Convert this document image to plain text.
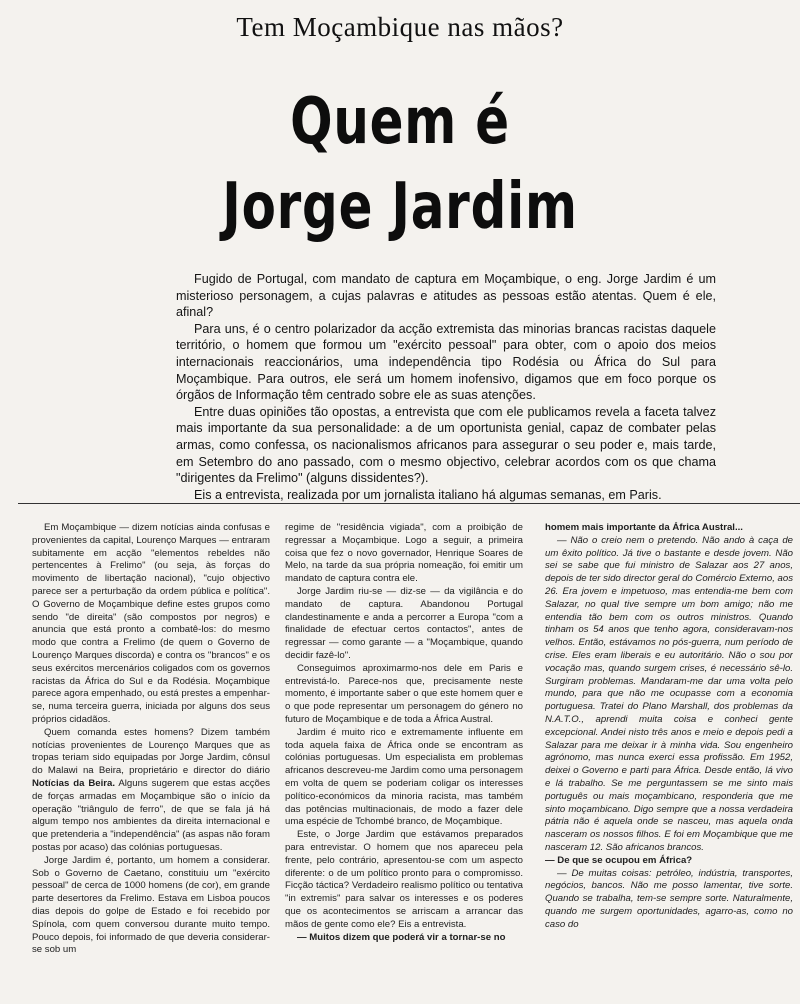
Tem Moçambique nas mãos?
Quem é
Jorge Jardim

Fugido de Portugal, com mandato de captura em Moçambique, o eng. Jorge Jardim é um misterioso personagem, a cujas palavras e atitudes as pessoas estão atentas. Quem é ele, afinal?

Para uns, é o centro polarizador da acção extremista das minorias brancas racistas daquele território, o homem que formou um "exército pessoal" para obter, com o apoio dos meios internacionais reaccionários, uma independência tipo Rodésia ou África do Sul para Moçambique. Para outros, ele será um homem inofensivo, digamos que em foco porque os órgãos de Informação têm centrado sobre ele as suas atenções.

Entre duas opiniões tão opostas, a entrevista que com ele publicamos revela a faceta talvez mais importante da sua personalidade: a de um oportunista genial, capaz de combater pelas armas, como confessa, os nacionalismos africanos para assegurar o seu poder e, mais tarde, em Setembro do ano passado, com o mesmo objectivo, celebrar acordos com os que chama "dirigentes da Frelimo" (alguns dissidentes?).

Eis a entrevista, realizada por um jornalista italiano há algumas semanas, em Paris.

Em Moçambique — dizem notícias ainda confusas e provenientes da capital, Lourenço Marques — entraram subitamente em acção "elementos rebeldes não pertencentes à Frelimo" (ou seja, às forças do movimento de libertação nacional), "cujo objectivo parece ser a perturbação da ordem pública e política". O Governo de Moçambique define estes grupos como sendo "de direita" (são compostos por negros) e anuncia que está pronto a combatê-los: do mesmo modo que contra a Frelimo (de quem o Governo de Lourenço Marques discorda) e contra os "brancos" e os seus exércitos mercenários coligados com os governos racistas da África do Sul e da Rodésia. Moçambique parece agora empenhado, ou está prestes a empenhar-se, numa terceira guerra, iniciada por alguns dos seus próprios cidadãos.

Quem comanda estes homens? Dizem também notícias provenientes de Lourenço Marques que as tropas teriam sido equipadas por Jorge Jardim, cônsul do Malawi na Beira, proprietário e director do diário Notícias da Beira. Alguns sugerem que estas acções de forças armadas em Moçambique são o início da operação "triângulo de ferro", de que se fala já há algum tempo nos ambientes da direita internacional e que pretenderia a "independência" (as aspas não foram postas por acaso) das colónias portuguesas.

Jorge Jardim é, portanto, um homem a considerar. Sob o Governo de Caetano, constituiu um "exército pessoal" de cerca de 1000 homens (de cor), em grande parte desertores da Frelimo. Estava em Lisboa poucos dias depois do golpe de Estado e foi recebido por Spínola, com quem conversou durante muito tempo. Pouco depois, foi informado de que deveria considerar-se sob um

regime de "residência vigiada", com a proibição de regressar a Moçambique. Logo a seguir, a primeira coisa que fez o novo governador, Henrique Soares de Melo, na tarde da sua própria nomeação, foi emitir um mandato de captura contra ele.

Jorge Jardim riu-se — diz-se — da vigilância e do mandato de captura. Abandonou Portugal clandestinamente e anda a percorrer a Europa "com a finalidade de efectuar certos contactos", antes de regressar — como garante — a "Moçambique, quando decidir fazê-lo".

Conseguimos aproximarmo-nos dele em Paris e entrevistá-lo. Parece-nos que, precisamente neste momento, é importante saber o que este homem quer e o que pode representar um personagem do género no futuro de Moçambique e de toda a África Austral.

Jardim é muito rico e extremamente influente em toda aquela faixa de África onde se encontram as colónias portuguesas. Um especialista em problemas africanos descreveu-me Jardim como uma personagem em volta de quem se poderiam coligar os interesses político-económicos da minoria racista, mas também das potências multinacionais, de modo a fazer dele uma espécie de Tchombé branco, de Moçambique.

Este, o Jorge Jardim que estávamos preparados para entrevistar. O homem que nos apareceu pela frente, pelo contrário, apresentou-se com um aspecto diferente: o de um político pronto para o compromisso. Ficção táctica? Verdadeiro realismo político ou tentativa "in extremis" para salvar os interesses e os poderes que os acontecimentos se arriscam a arrancar das mãos de gente como ele? Eis a entrevista.

— Muitos dizem que poderá vir a tornar-se no

homem mais importante da África Austral...

— Não o creio nem o pretendo. Não ando à caça de um êxito político. Já tive o bastante e desde jovem. Não sei se sabe que fui ministro de Salazar aos 27 anos, depois de ter sido director geral do Comércio Externo, aos 26. Era jovem e impetuoso, mas entendia-me bem com Salazar, no qual tive sempre um bom amigo; não me entendia tão bem com os outros ministros. Quando tinham os 54 anos que tenho agora, consideravam-nos velhos. Então, estávamos no pós-guerra, num período de crise. Eles eram liberais e eu autoritário. Não o sou por vocação mas, quando surgem crises, é necessário sê-lo. Surgiram problemas. Mandaram-me dar uma volta pelo mundo, para que não me ocupasse com a economia portuguesa. Tratei do Plano Marshall, dos problemas da N.A.T.O., aprendi muita coisa e conheci gente excepcional. Andei nisto três anos e meio e depois pedi a Salazar para me deixar ir à minha vida. Sou engenheiro agrónomo, mas nunca exerci essa profissão. Em 1952, deixei o Governo e parti para África. Desde então, lá vivo e lá trabalho. Se me perguntassem se me sinto mais português ou mais moçambicano, responderia que me sinto moçambicano. Digo sempre que a nossa verdadeira pátria não é aquela onde se nasceu, mas aquela onda nasceram os nossos filhos. E foi em Moçambique que me nasceram 12. São africanos brancos.

— De que se ocupou em África?

— De muitas coisas: petróleo, indústria, transportes, negócios, bancos. Não me posso lamentar, tive sorte. Quando se trabalha, tem-se sempre sorte. Naturalmente, quando me surgem oportunidades, agarro-as, como no caso do
